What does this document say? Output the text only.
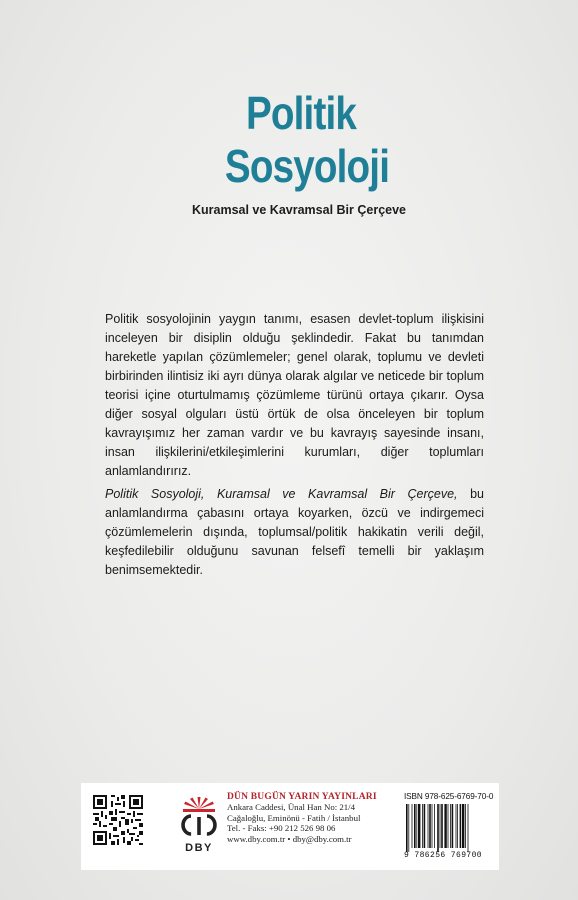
Politik
Sosyoloji
Kuramsal ve Kavramsal Bir Çerçeve

Politik sosyolojinin yaygın tanımı, esasen devlet-toplum ilişkisini inceleyen bir disiplin olduğu şeklindedir. Fakat bu tanımdan hareketle yapılan çözümlemeler; genel olarak, toplumu ve devleti birbirinden ilintisiz iki ayrı dünya olarak algılar ve neticede bir toplum teorisi içine oturtulmamış çözümleme türünü ortaya çıkarır. Oysa diğer sosyal olguları üstü örtük de olsa önceleyen bir toplum kavrayışımız her zaman vardır ve bu kavrayış sayesinde insanı, insan ilişkilerini/etkileşimlerini kurumları, diğer toplumları anlamlandırırız.

Politik Sosyoloji, Kuramsal ve Kavramsal Bir Çerçeve, bu anlamlandırma çabasını ortaya koyarken, özcü ve indirgemeci çözümlemelerin dışında, toplumsal/politik hakikatin verili değil, keşfedilebilir olduğunu savunan felsefî temelli bir yaklaşım benimsemektedir.

DBY
DÜN BUGÜN YARIN YAYINLARI
Ankara Caddesi, Ünal Han No: 21/4
Cağaloğlu, Eminönü - Fatih / İstanbul
Tel. - Faks: +90 212 526 98 06
www.dby.com.tr • dby@dby.com.tr
ISBN 978-625-6769-70-0
9 786256 769700
